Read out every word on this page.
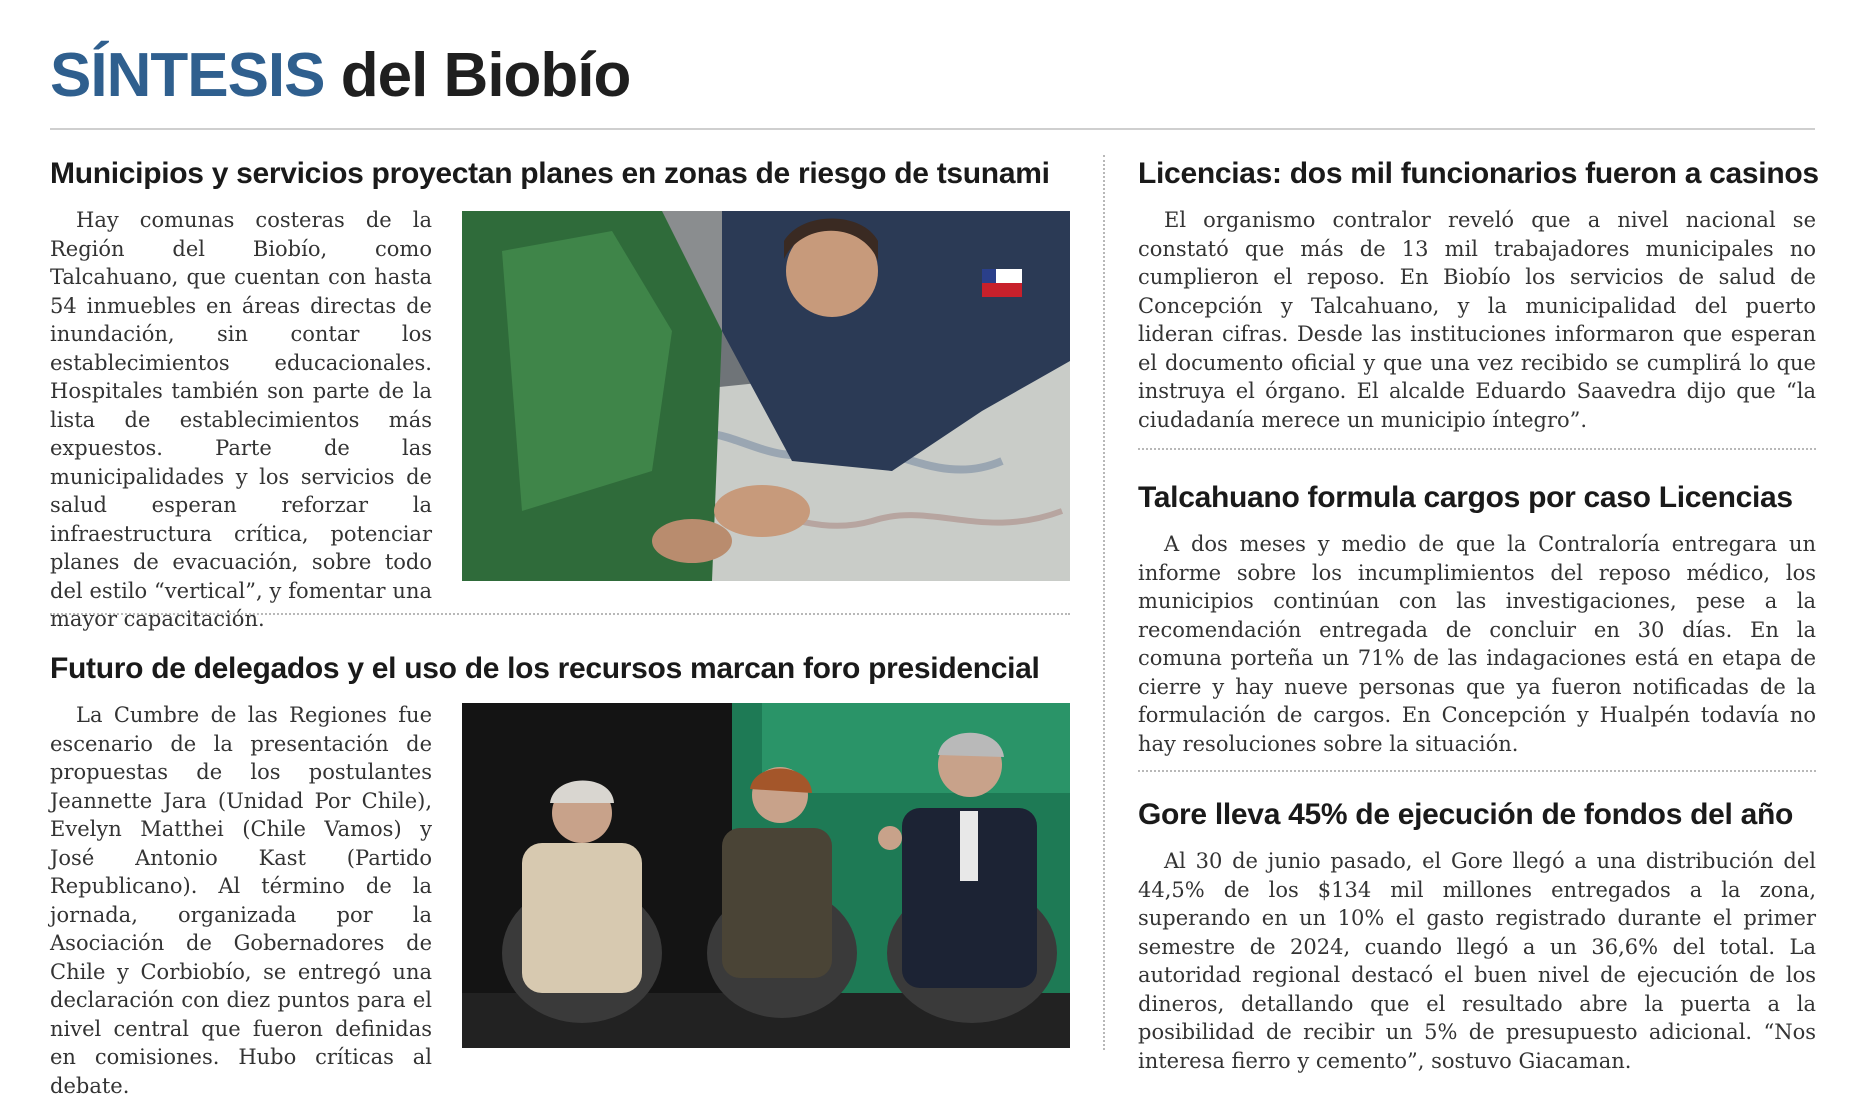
SÍNTESIS del Biobío
Municipios y servicios proyectan planes en zonas de riesgo de tsunami

Hay comunas costeras de la Región del Biobío, como Talcahuano, que cuentan con hasta 54 inmuebles en áreas directas de inundación, sin contar los establecimientos educacionales. Hospitales también son parte de la lista de establecimientos más expuestos. Parte de las municipalidades y los servicios de salud esperan reforzar la infraestructura crítica, potenciar planes de evacuación, sobre todo del estilo “vertical”, y fomentar una mayor capacitación.

Futuro de delegados y el uso de los recursos marcan foro presidencial

La Cumbre de las Regiones fue escenario de la presentación de propuestas de los postulantes Jeannette Jara (Unidad Por Chile), Evelyn Matthei (Chile Vamos) y José Antonio Kast (Partido Republicano). Al término de la jornada, organizada por la Asociación de Gobernadores de Chile y Corbiobío, se entregó una declaración con diez puntos para el nivel central que fueron definidas en comisiones. Hubo críticas al debate.

Licencias: dos mil funcionarios fueron a casinos

El organismo contralor reveló que a nivel nacional se constató que más de 13 mil trabajadores municipales no cumplieron el reposo. En Biobío los servicios de salud de Concepción y Talcahuano, y la municipalidad del puerto lideran cifras. Desde las instituciones informaron que esperan el documento oficial y que una vez recibido se cumplirá lo que instruya el órgano. El alcalde Eduardo Saavedra dijo que “la ciudadanía merece un municipio íntegro”.

Talcahuano formula cargos por caso Licencias

A dos meses y medio de que la Contraloría entregara un informe sobre los incumplimientos del reposo médico, los municipios continúan con las investigaciones, pese a la recomendación entregada de concluir en 30 días. En la comuna porteña un 71% de las indagaciones está en etapa de cierre y hay nueve personas que ya fueron notificadas de la formulación de cargos. En Concepción y Hualpén todavía no hay resoluciones sobre la situación.

Gore lleva 45% de ejecución de fondos del año

Al 30 de junio pasado, el Gore llegó a una distribución del 44,5% de los $134 mil millones entregados a la zona, superando en un 10% el gasto registrado durante el primer semestre de 2024, cuando llegó a un 36,6% del total. La autoridad regional destacó el buen nivel de ejecución de los dineros, detallando que el resultado abre la puerta a la posibilidad de recibir un 5% de presupuesto adicional. “Nos interesa fierro y cemento”, sostuvo Giacaman.
